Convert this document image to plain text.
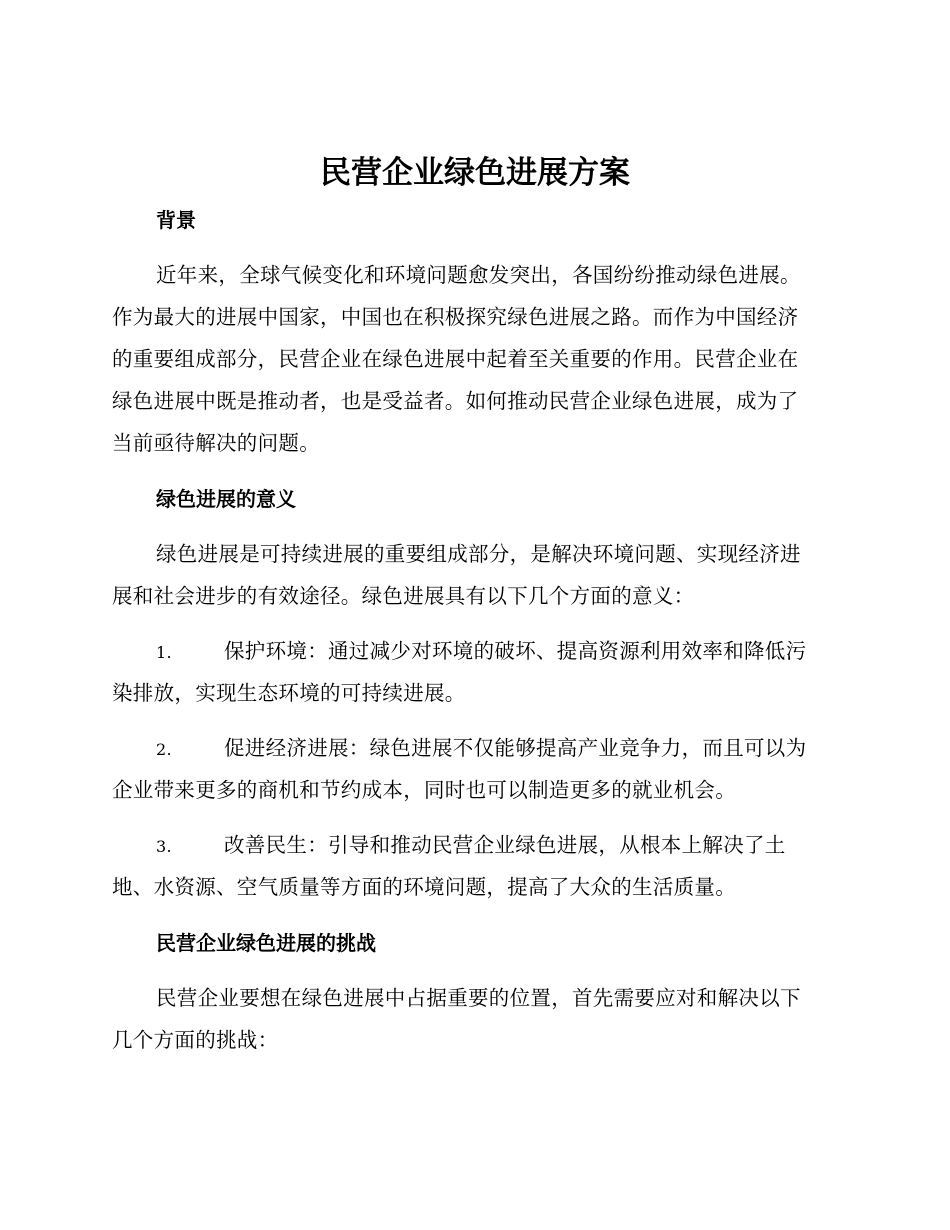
民营企业绿色进展方案
背景
近年来，全球气候变化和环境问题愈发突出，各国纷纷推动绿色进展。
作为最大的进展中国家，中国也在积极探究绿色进展之路。而作为中国经济
的重要组成部分，民营企业在绿色进展中起着至关重要的作用。民营企业在
绿色进展中既是推动者，也是受益者。如何推动民营企业绿色进展，成为了
当前亟待解决的问题。
绿色进展的意义
绿色进展是可持续进展的重要组成部分，是解决环境问题、实现经济进
展和社会进步的有效途径。绿色进展具有以下几个方面的意义：
1.	保护环境：通过减少对环境的破坏、提高资源利用效率和降低污
染排放，实现生态环境的可持续进展。
2.	促进经济进展：绿色进展不仅能够提高产业竞争力，而且可以为
企业带来更多的商机和节约成本，同时也可以制造更多的就业机会。
3.	改善民生：引导和推动民营企业绿色进展，从根本上解决了土
地、水资源、空气质量等方面的环境问题，提高了大众的生活质量。
民营企业绿色进展的挑战
民营企业要想在绿色进展中占据重要的位置，首先需要应对和解决以下
几个方面的挑战：
